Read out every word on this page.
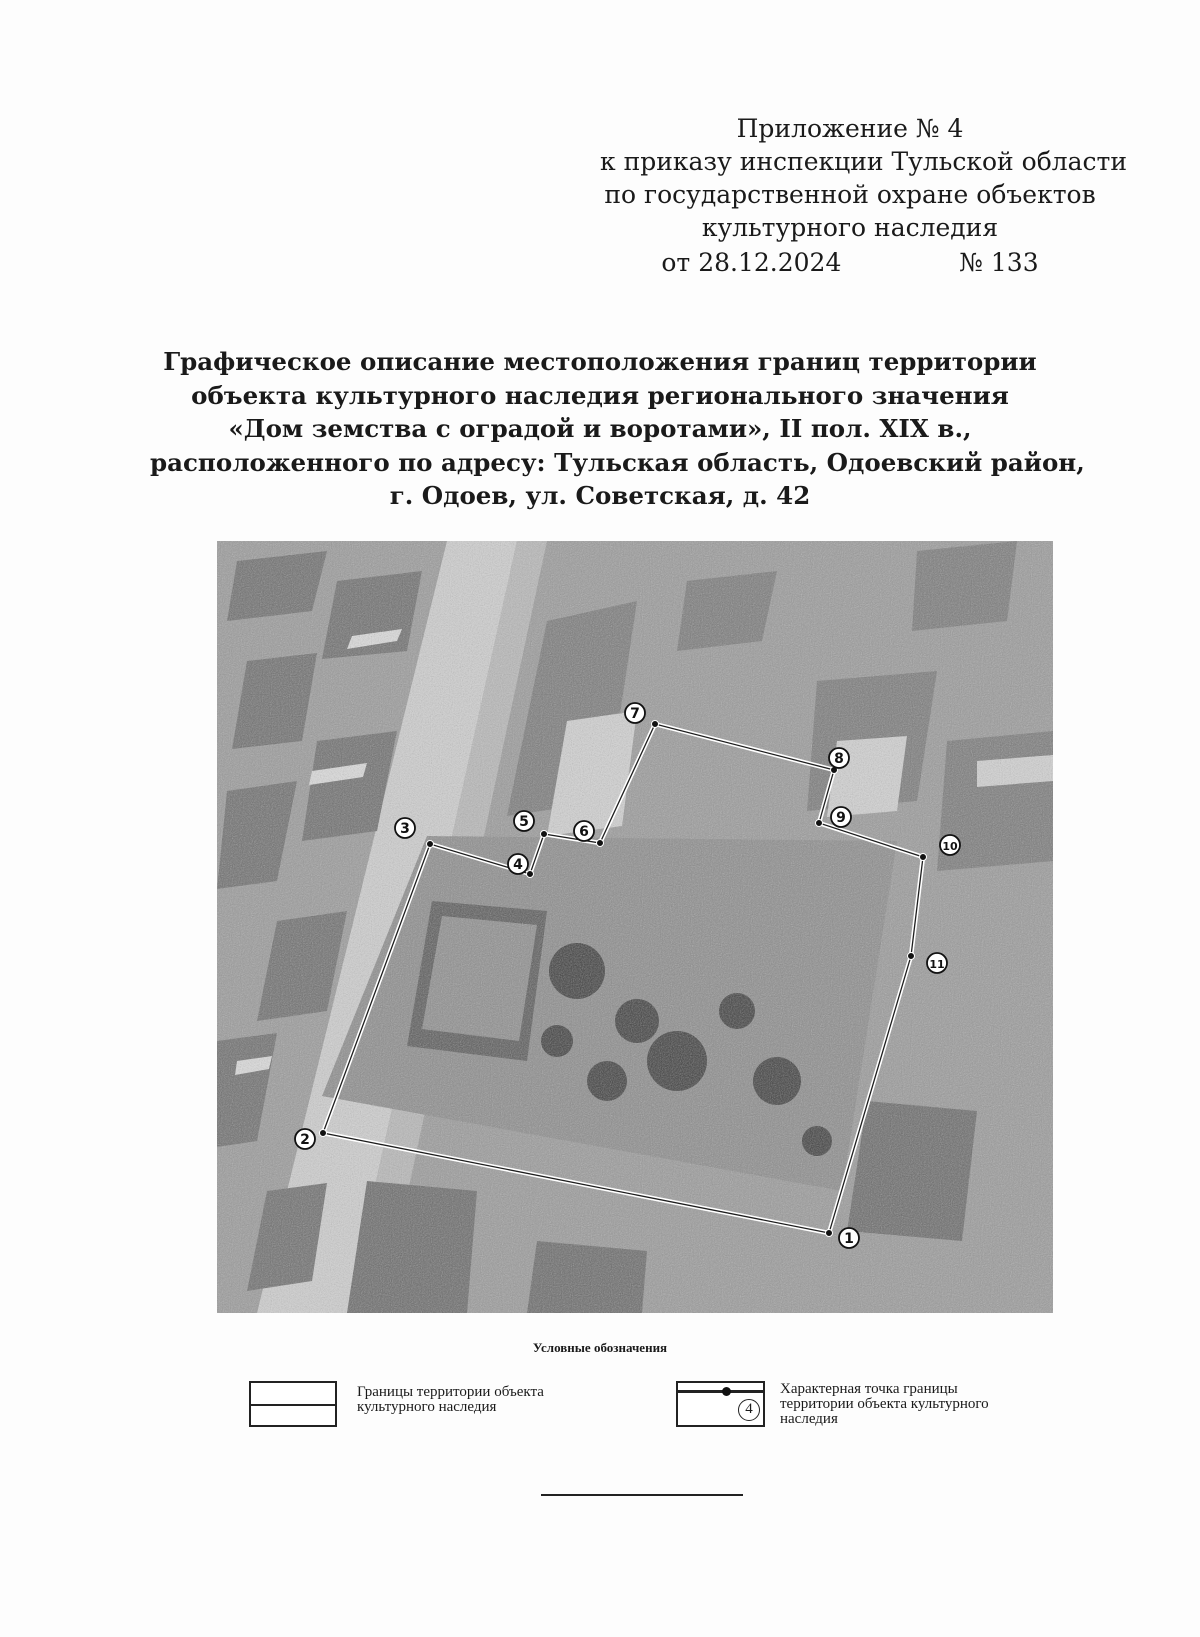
Приложение № 4
к приказу инспекции Тульской области
по государственной охране объектов
культурного наследия
от 28.12.2024	№ 133
Графическое описание местоположения границ территории
объекта культурного наследия регионального значения
«Дом земства с оградой и воротами», II пол. XIX в.,
расположенного по адресу: Тульская область, Одоевский район,
г. Одоев, ул. Советская, д. 42
1
2
3
4
5
6
7
8
9
10
11
Условные обозначения
Границы территории объекта
культурного наследия	4
Характерная точка границы
территории объекта культурного
наследия
